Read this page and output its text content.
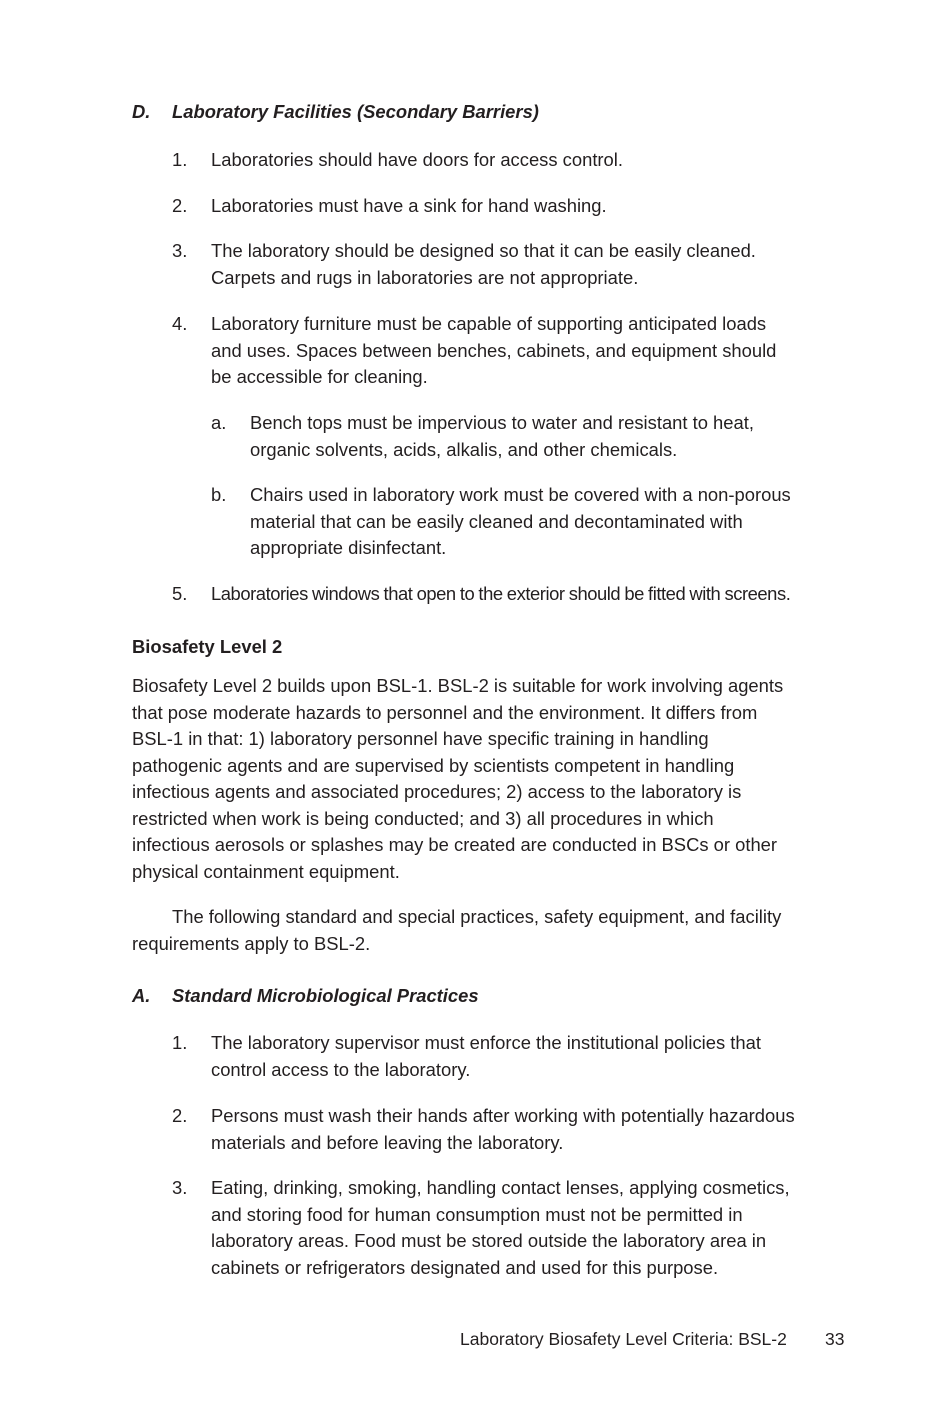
D. Laboratory Facilities (Secondary Barriers)
1. Laboratories should have doors for access control.
2. Laboratories must have a sink for hand washing.
3. The laboratory should be designed so that it can be easily cleaned.
Carpets and rugs in laboratories are not appropriate.
4. Laboratory furniture must be capable of supporting anticipated loads
and uses. Spaces between benches, cabinets, and equipment should
be accessible for cleaning.
a. Bench tops must be impervious to water and resistant to heat,
organic solvents, acids, alkalis, and other chemicals.
b. Chairs used in laboratory work must be covered with a non-porous
material that can be easily cleaned and decontaminated with
appropriate disinfectant.
5. Laboratories windows that open to the exterior should be fitted with screens.
Biosafety Level 2
Biosafety Level 2 builds upon BSL-1. BSL-2 is suitable for work involving agents
that pose moderate hazards to personnel and the environment. It differs from
BSL-1 in that: 1) laboratory personnel have specific training in handling
pathogenic agents and are supervised by scientists competent in handling
infectious agents and associated procedures; 2) access to the laboratory is
restricted when work is being conducted; and 3) all procedures in which
infectious aerosols or splashes may be created are conducted in BSCs or other
physical containment equipment.
The following standard and special practices, safety equipment, and facility
requirements apply to BSL-2.
A. Standard Microbiological Practices
1. The laboratory supervisor must enforce the institutional policies that
control access to the laboratory.
2. Persons must wash their hands after working with potentially hazardous
materials and before leaving the laboratory.
3. Eating, drinking, smoking, handling contact lenses, applying cosmetics,
and storing food for human consumption must not be permitted in
laboratory areas. Food must be stored outside the laboratory area in
cabinets or refrigerators designated and used for this purpose.
Laboratory Biosafety Level Criteria: BSL-2 33
